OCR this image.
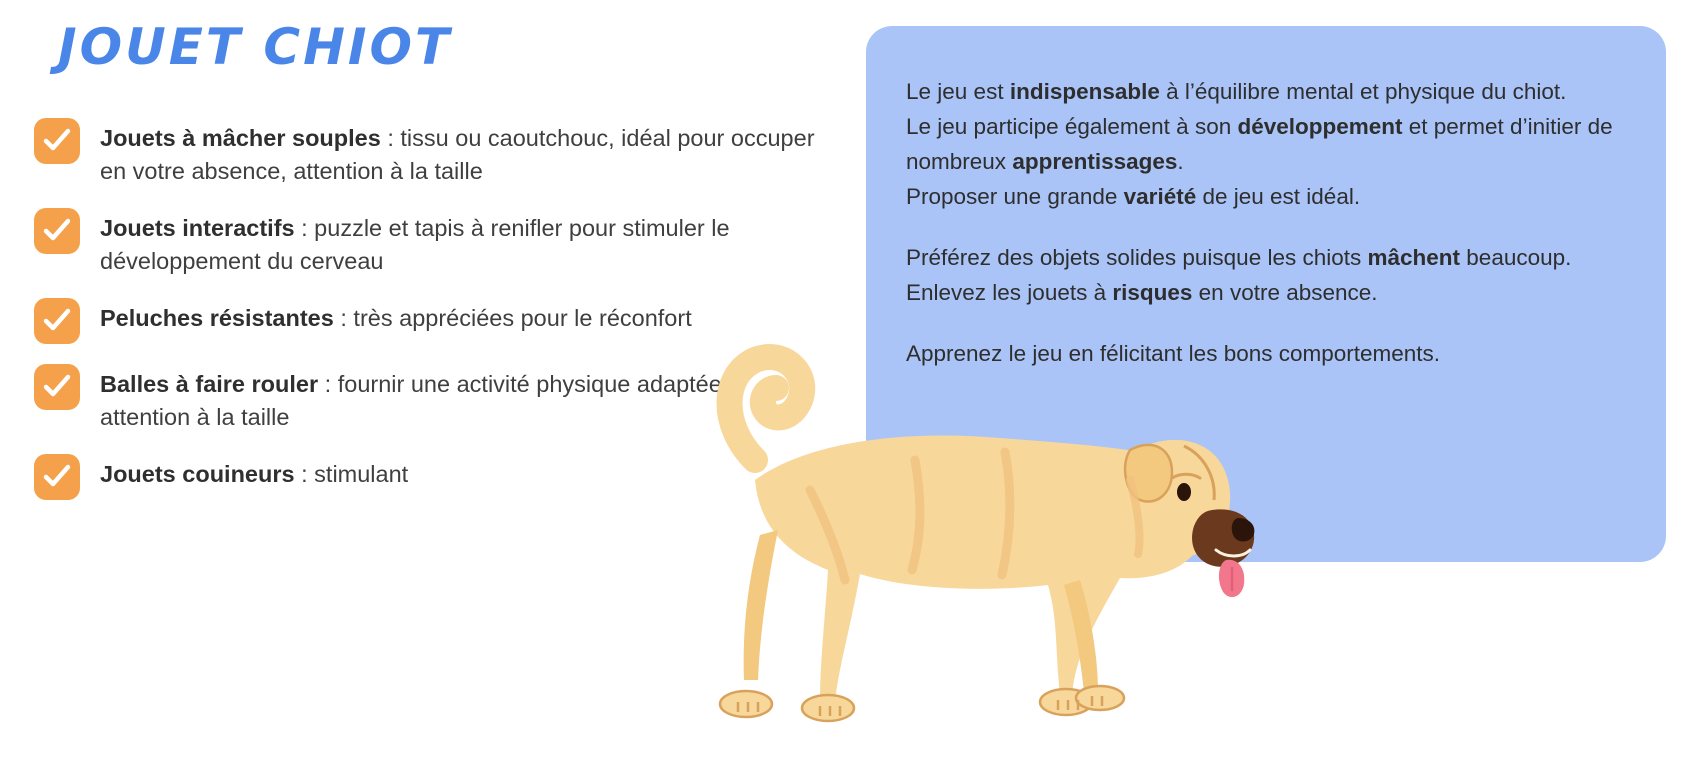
JOUET CHIOT
Jouets à mâcher souples : tissu ou caoutchouc, idéal pour occuper en votre absence, attention à la taille
Jouets interactifs : puzzle et tapis à renifler pour stimuler le développement du cerveau
Peluches résistantes : très appréciées pour le réconfort
Balles à faire rouler : fournir une activité physique adaptée, attention à la taille
Jouets couineurs : stimulant

Le jeu est indispensable à l’équilibre mental et physique du chiot.
Le jeu participe également à son développement et permet d’initier de nombreux apprentissages.
Proposer une grande variété de jeu est idéal.

Préférez des objets solides puisque les chiots mâchent beaucoup.
Enlevez les jouets à risques en votre absence.

Apprenez le jeu en félicitant les bons comportements.
